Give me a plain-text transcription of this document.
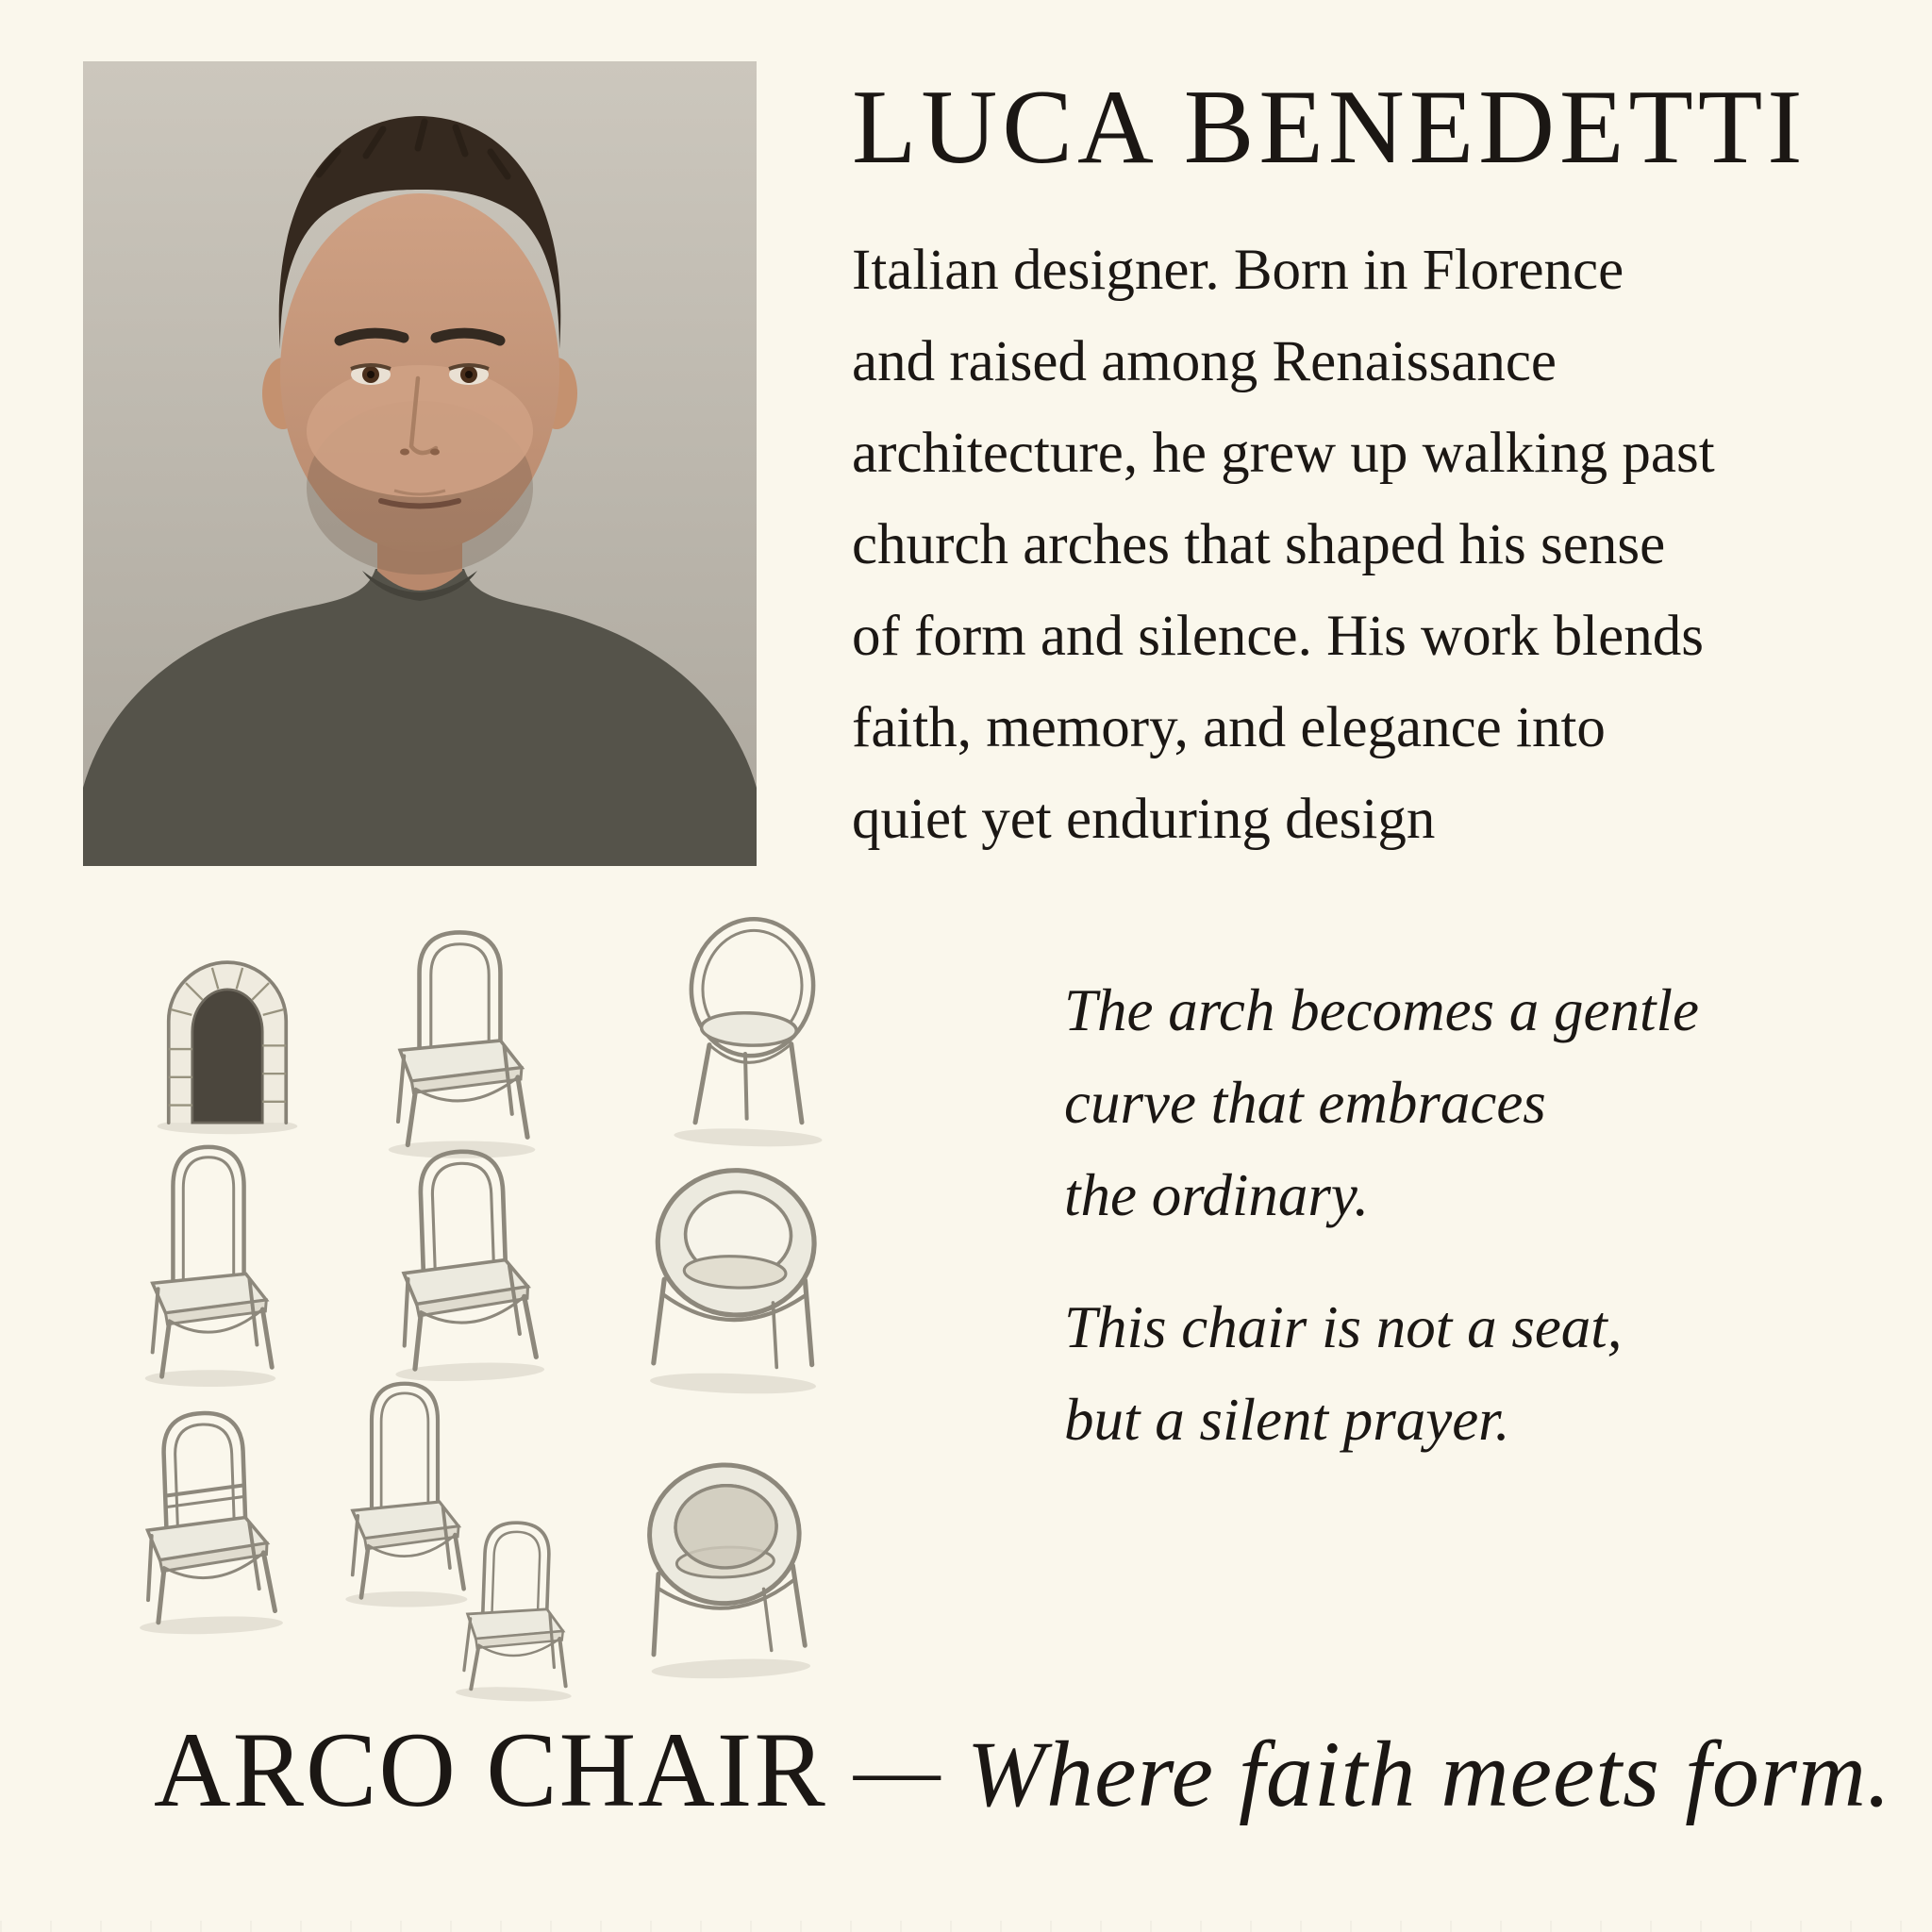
LUCA BENEDETTI
Italian designer. Born in Florence
and raised among Renaissance
architecture, he grew up walking past
church arches that shaped his sense
of form and silence. His work blends
faith, memory, and elegance into
quiet yet enduring design
The arch becomes a gentle
curve that embraces
the ordinary.
This chair is not a seat,
but a silent prayer.
ARCO CHAIR — Where faith meets form.
